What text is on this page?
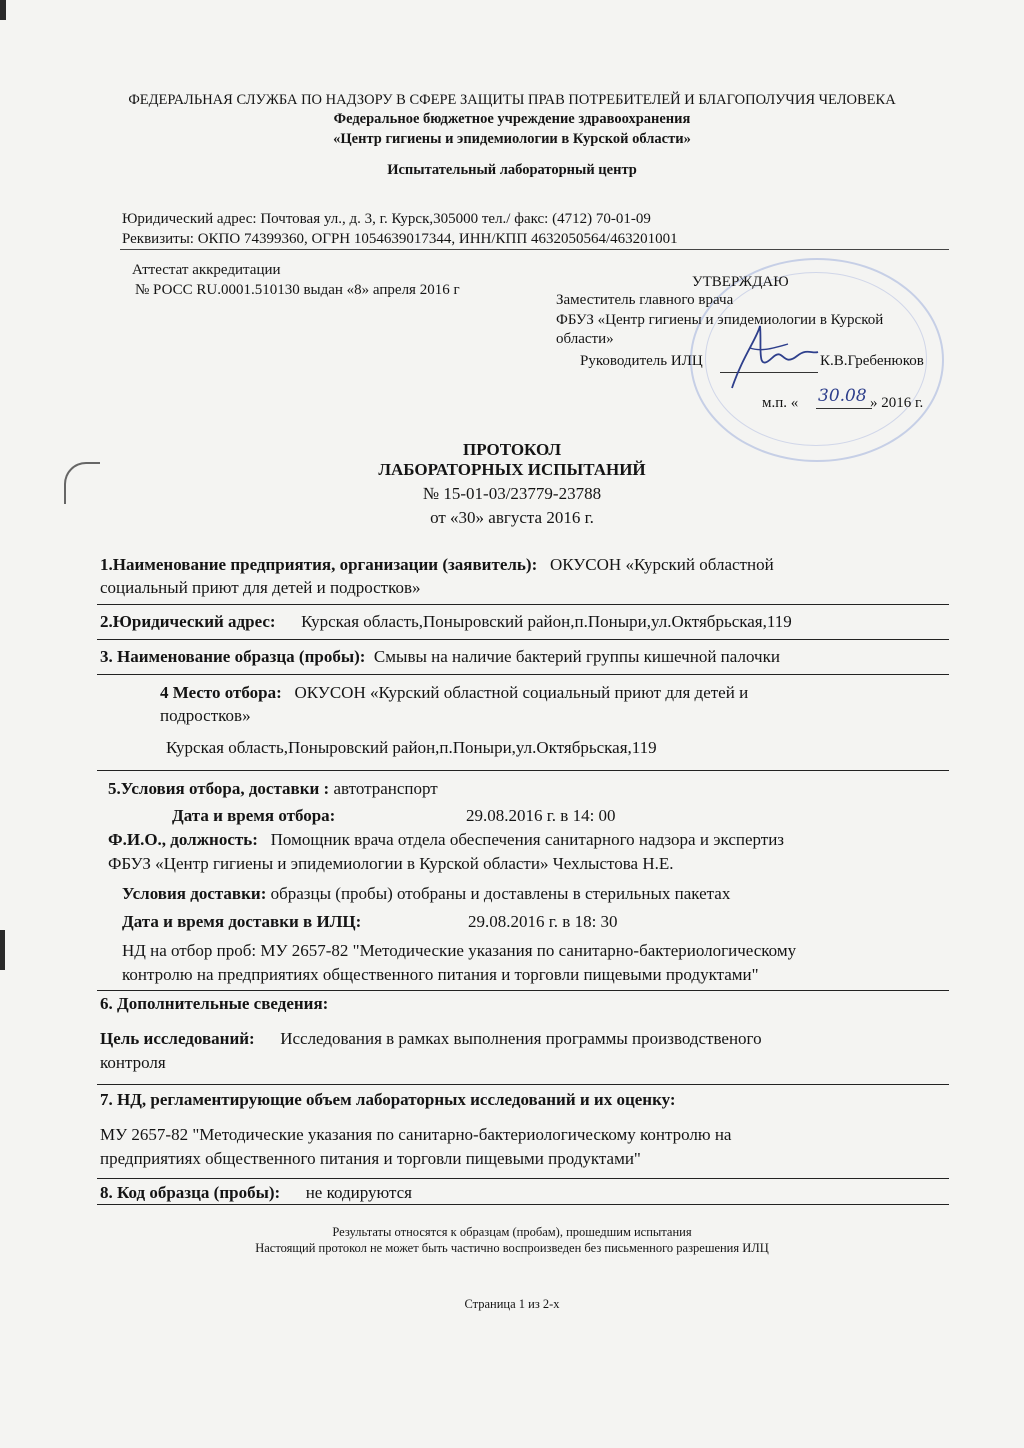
ФЕДЕРАЛЬНАЯ СЛУЖБА ПО НАДЗОРУ В СФЕРЕ ЗАЩИТЫ ПРАВ ПОТРЕБИТЕЛЕЙ И БЛАГОПОЛУЧИЯ ЧЕЛОВЕКА
Федеральное бюджетное учреждение здравоохранения
«Центр гигиены и эпидемиологии в Курской области»
Испытательный лабораторный центр
Юридический адрес: Почтовая ул., д. 3, г. Курск,305000 тел./ факс: (4712) 70-01-09
Реквизиты: ОКПО 74399360, ОГРН 1054639017344, ИНН/КПП 4632050564/463201001
Аттестат аккредитации
№ РОСС RU.0001.510130 выдан «8» апреля 2016 г	УТВЕРЖДАЮ
Заместитель главного врача
ФБУЗ «Центр гигиены и эпидемиологии в Курской
области»
Руководитель ИЛЦ	К.В.Гребенюков
м.п. « 30.08 » 2016 г.
ПРОТОКОЛ
ЛАБОРАТОРНЫХ ИСПЫТАНИЙ
№ 15-01-03/23779-23788
от «30» августа 2016 г.
1.Наименование предприятия, организации (заявитель): ОКУСОН «Курский областной
социальный приют для детей и подростков»
2.Юридический адрес: Курская область,Поныровский район,п.Поныри,ул.Октябрьская,119
3. Наименование образца (пробы): Смывы на наличие бактерий группы кишечной палочки
4 Место отбора: ОКУСОН «Курский областной социальный приют для детей и
подростков»
Курская область,Поныровский район,п.Поныри,ул.Октябрьская,119
5.Условия отбора, доставки : автотранспорт
Дата и время отбора:	29.08.2016 г. в 14: 00
Ф.И.О., должность: Помощник врача отдела обеспечения санитарного надзора и экспертиз
ФБУЗ «Центр гигиены и эпидемиологии в Курской области» Чехлыстова Н.Е.
Условия доставки: образцы (пробы) отобраны и доставлены в стерильных пакетах
Дата и время доставки в ИЛЦ:	29.08.2016 г. в 18: 30
НД на отбор проб: МУ 2657-82 "Методические указания по санитарно-бактериологическому
контролю на предприятиях общественного питания и торговли пищевыми продуктами"
6. Дополнительные сведения:
Цель исследований: Исследования в рамках выполнения программы производственого
контроля
7. НД, регламентирующие объем лабораторных исследований и их оценку:
МУ 2657-82 "Методические указания по санитарно-бактериологическому контролю на
предприятиях общественного питания и торговли пищевыми продуктами"
8. Код образца (пробы): не кодируются
Результаты относятся к образцам (пробам), прошедшим испытания
Настоящий протокол не может быть частично воспроизведен без письменного разрешения ИЛЦ
Страница 1 из 2-х
